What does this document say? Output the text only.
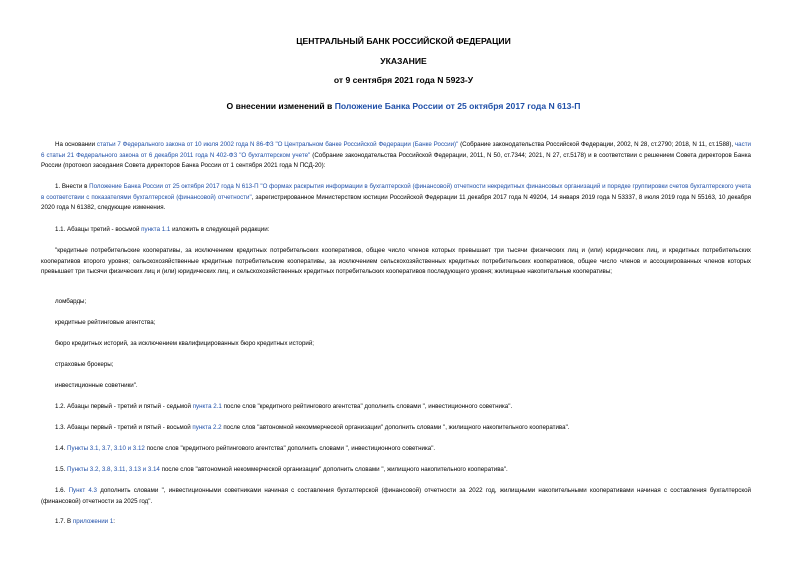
ЦЕНТРАЛЬНЫЙ БАНК РОССИЙСКОЙ ФЕДЕРАЦИИ
УКАЗАНИЕ
от 9 сентября 2021 года N 5923-У
О внесении изменений в Положение Банка России от 25 октября 2017 года N 613-П
На основании статьи 7 Федерального закона от 10 июля 2002 года N 86-ФЗ "О Центральном банке Российской Федерации (Банке России)" (Собрание законодательства Российской Федерации, 2002, N 28, ст.2790; 2018, N 11, ст.1588), части 6 статьи 21 Федерального закона от 6 декабря 2011 года N 402-ФЗ "О бухгалтерском учете" (Собрание законодательства Российской Федерации, 2011, N 50, ст.7344; 2021, N 27, ст.5178) и в соответствии с решением Совета директоров Банка России (протокол заседания Совета директоров Банка России от 1 сентября 2021 года N ПСД-20):
1. Внести в Положение Банка России от 25 октября 2017 года N 613-П "О формах раскрытия информации в бухгалтерской (финансовой) отчетности некредитных финансовых организаций и порядке группировки счетов бухгалтерского учета в соответствии с показателями бухгалтерской (финансовой) отчетности", зарегистрированное Министерством юстиции Российской Федерации 11 декабря 2017 года N 49204, 14 января 2019 года N 53337, 8 июля 2019 года N 55163, 10 декабря 2020 года N 61382, следующие изменения.
1.1. Абзацы третий - восьмой пункта 1.1 изложить в следующей редакции:
"кредитные потребительские кооперативы, за исключением кредитных потребительских кооперативов, общее число членов которых превышает три тысячи физических лиц и (или) юридических лиц, и кредитных потребительских кооперативов второго уровня; сельскохозяйственные кредитные потребительские кооперативы, за исключением сельскохозяйственных кредитных потребительских кооперативов, общее число членов и ассоциированных членов которых превышает три тысячи физических лиц и (или) юридических лиц, и сельскохозяйственных кредитных потребительских кооперативов последующего уровня; жилищные накопительные кооперативы;
ломбарды;
кредитные рейтинговые агентства;
бюро кредитных историй, за исключением квалифицированных бюро кредитных историй;
страховые брокеры;
инвестиционные советники".
1.2. Абзацы первый - третий и пятый - седьмой пункта 2.1 после слов "кредитного рейтингового агентства" дополнить словами ", инвестиционного советника".
1.3. Абзацы первый - третий и пятый - восьмой пункта 2.2 после слов "автономной некоммерческой организации" дополнить словами ", жилищного накопительного кооператива".
1.4. Пункты 3.1, 3.7, 3.10 и 3.12 после слов "кредитного рейтингового агентства" дополнить словами ", инвестиционного советника".
1.5. Пункты 3.2, 3.8, 3.11, 3.13 и 3.14 после слов "автономной некоммерческой организации" дополнить словами ", жилищного накопительного кооператива".
1.6. Пункт 4.3 дополнить словами ", инвестиционными советниками начиная с составления бухгалтерской (финансовой) отчетности за 2022 год, жилищными накопительными кооперативами начиная с составления бухгалтерской (финансовой) отчетности за 2025 год".
1.7. В приложении 1:
